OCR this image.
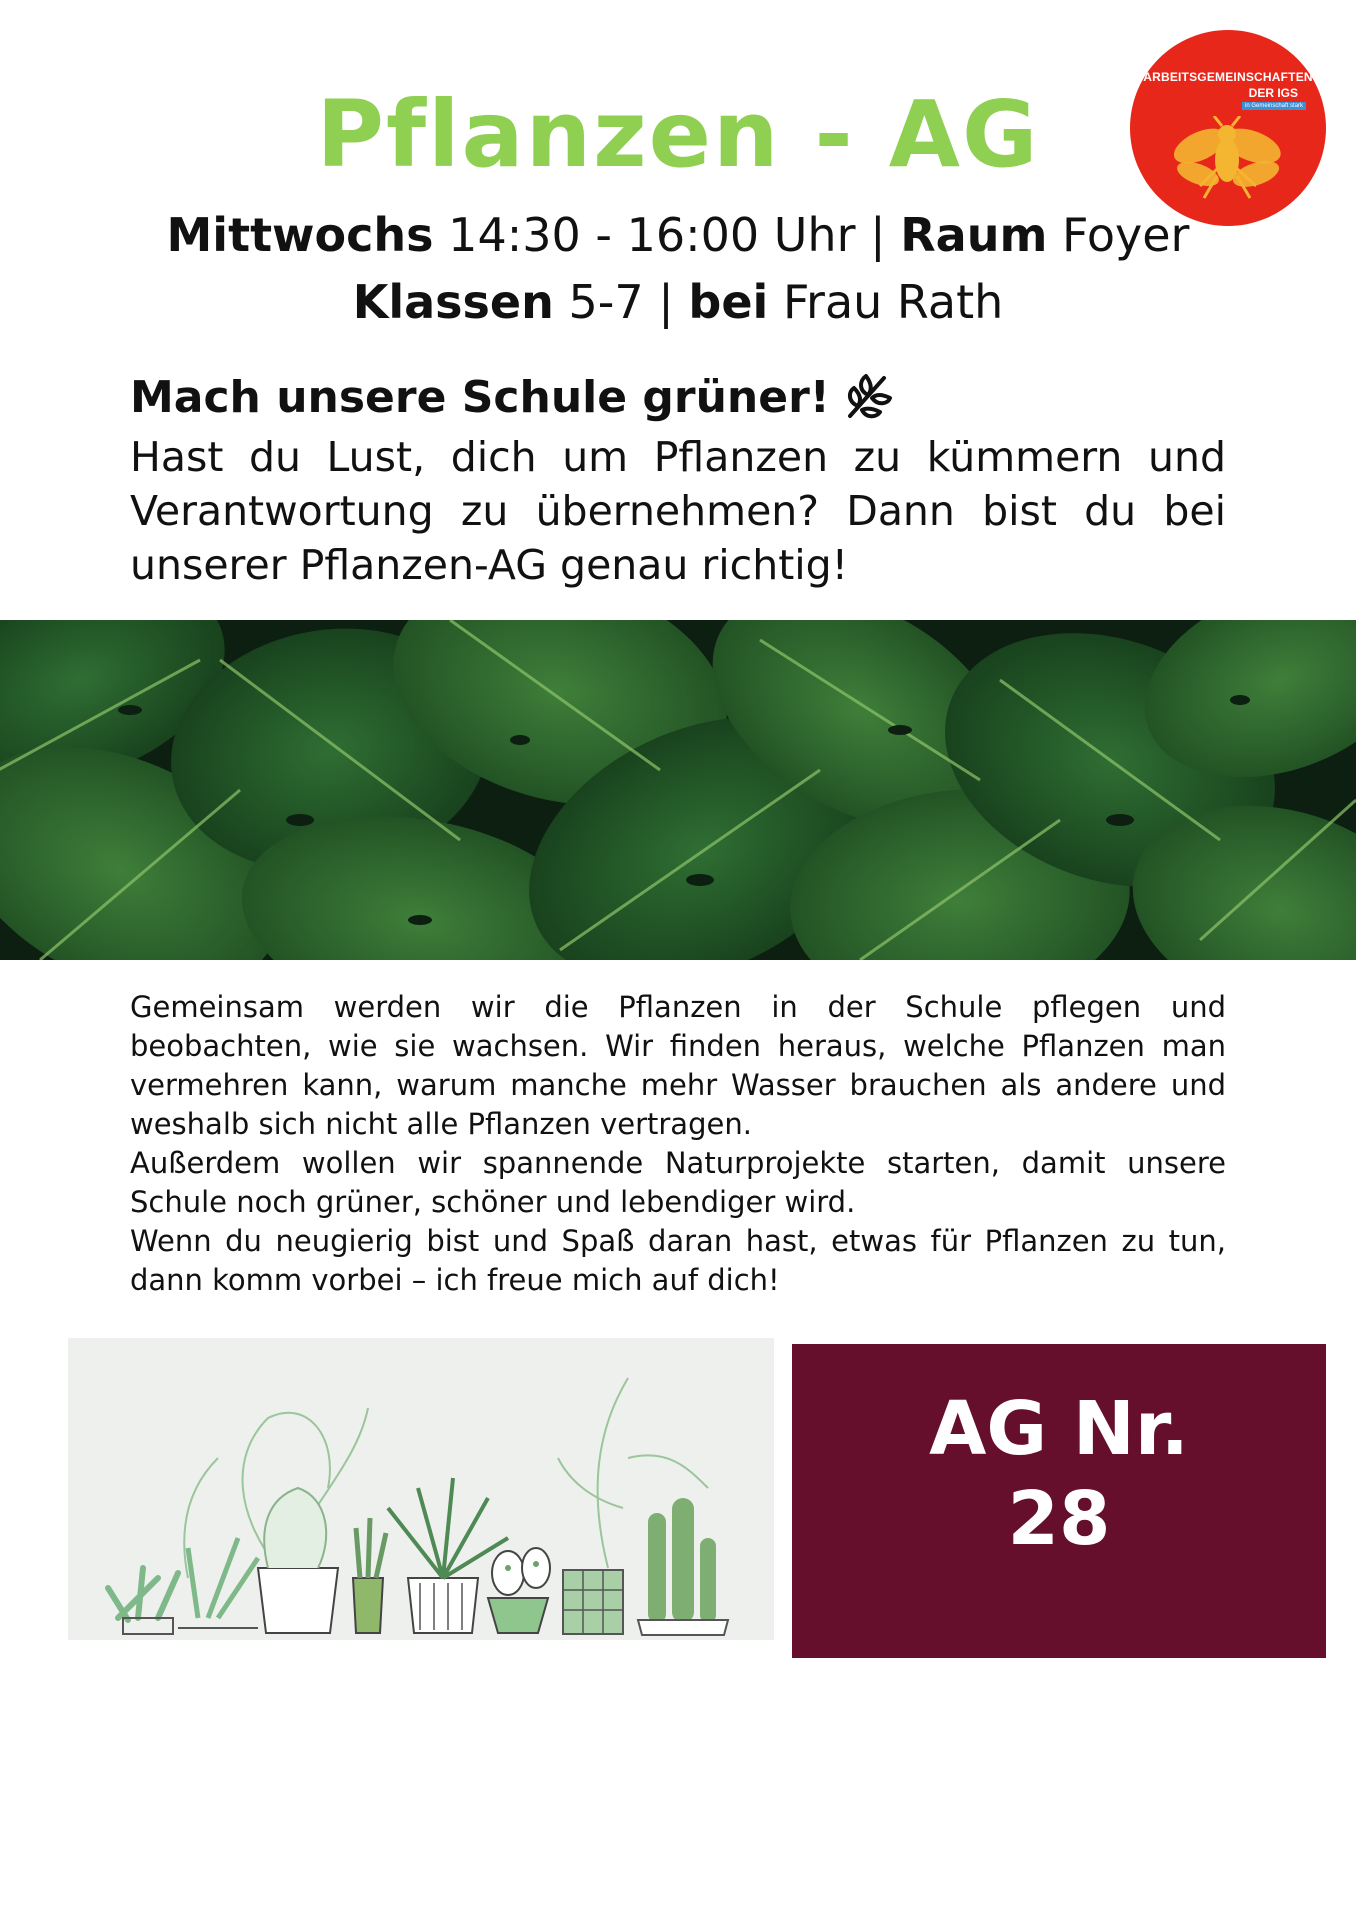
ARBEITSGEMEINSCHAFTEN
DER IGS
in Gemeinschaft stark
Pflanzen - AG
Mittwochs 14:30 - 16:00 Uhr | Raum Foyer
Klassen 5-7 | bei Frau Rath
Mach unsere Schule grüner!
Hast du Lust, dich um Pflanzen zu kümmern und Verantwortung zu übernehmen? Dann bist du bei unserer Pflanzen-AG genau richtig!

Gemeinsam werden wir die Pflanzen in der Schule pflegen und beobachten, wie sie wachsen. Wir finden heraus, welche Pflanzen man vermehren kann, warum manche mehr Wasser brauchen als andere und weshalb sich nicht alle Pflanzen vertragen.

Außerdem wollen wir spannende Naturprojekte starten, damit unsere Schule noch grüner, schöner und lebendiger wird.

Wenn du neugierig bist und Spaß daran hast, etwas für Pflanzen zu tun, dann komm vorbei – ich freue mich auf dich!

AG Nr.
28
